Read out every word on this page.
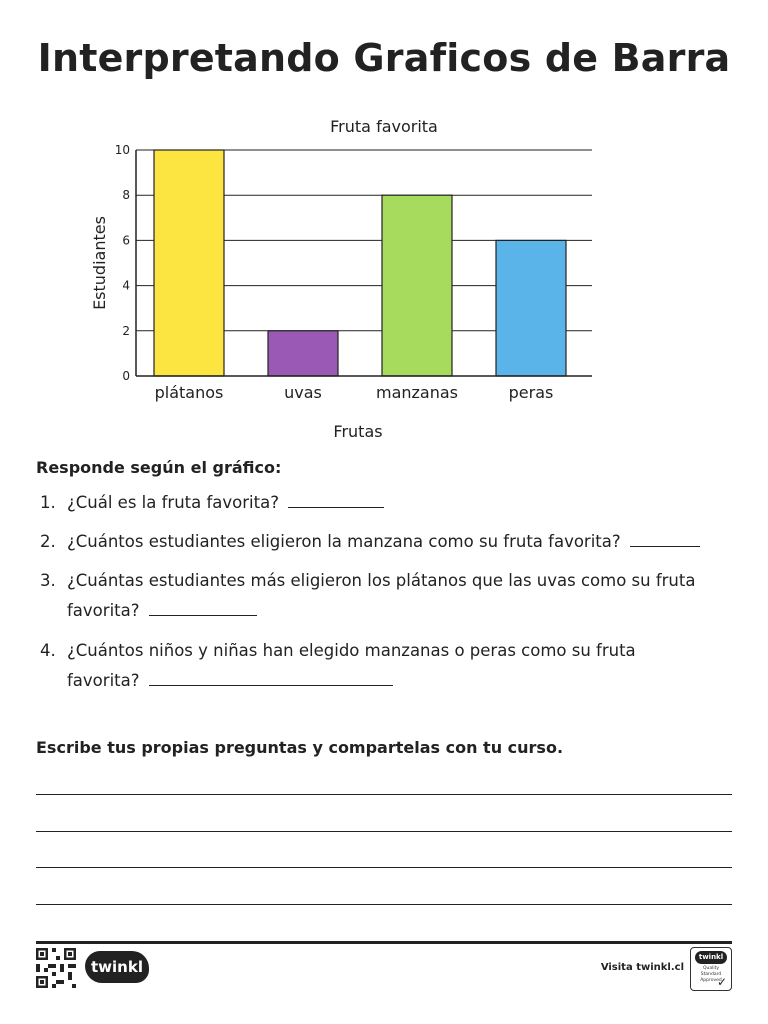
Interpretando Graficos de Barra
0
2
4
6
8
10
plátanos	uvas	manzanas	peras
Fruta favorita
Frutas
Estudiantes
Responde según el gráfico:
1. ¿Cuál es la fruta favorita?
2. ¿Cuántos estudiantes eligieron la manzana como su fruta favorita?
3. ¿Cuántas estudiantes más eligieron los plátanos que las uvas como su fruta
favorita?
4. ¿Cuántos niños y niñas han elegido manzanas o peras como su fruta
favorita?
Escribe tus propias preguntas y compartelas con tu curso.
twinkl	Visita twinkl.cl
twinkl
Quality Standard Approved
✓
